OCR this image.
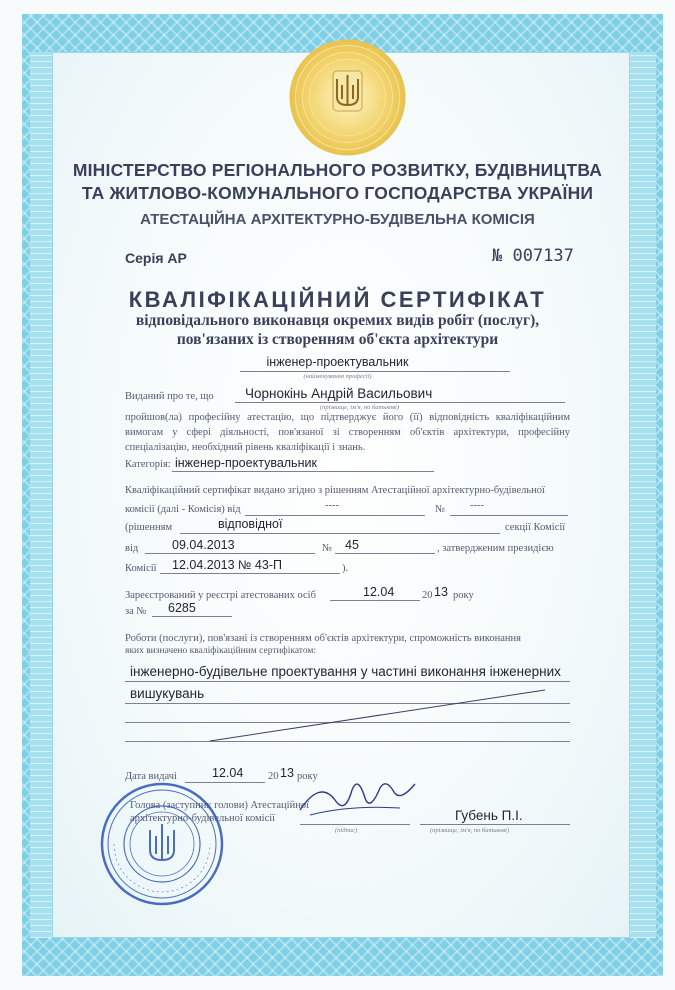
МІНІСТЕРСТВО РЕГІОНАЛЬНОГО РОЗВИТКУ, БУДІВНИЦТВА
ТА ЖИТЛОВО-КОМУНАЛЬНОГО ГОСПОДАРСТВА УКРАЇНИ
АТЕСТАЦІЙНА АРХІТЕКТУРНО-БУДІВЕЛЬНА КОМІСІЯ
Серія АР	№ 007137
КВАЛІФІКАЦІЙНИЙ СЕРТИФІКАТ
відповідального виконавця окремих видів робіт (послуг),
пов'язаних із створенням об'єкта архітектури
інженер-проектувальник
(найменування професії)
Виданий про те, що Чорнокінь Андрій Васильович
(прізвище, ім'я, по батькові)
пройшов(ла) професійну атестацію, що підтверджує його (її) відповідність кваліфікаційним вимогам у сфері діяльності, пов'язаної зі створенням об'єктів архітектури, професійну спеціалізацію, необхідний рівень кваліфікації і знань.
Категорія: інженер-проектувальник
Кваліфікаційний сертифікат видано згідно з рішенням Атестаційної архітектурно-будівельної
комісії (далі - Комісія) від	----	№ ----
(рішенням	відповідної	секції Комісії
від	09.04.2013	№ 45	, затвердженим президією
Комісії 12.04.2013 № 43-П	).
Зареєстрований у реєстрі атестованих осіб	12.04	20 13 року
за № 6285
Роботи (послуги), пов'язані із створенням об'єктів архітектури, спроможність виконання
яких визначено кваліфікаційним сертифікатом:
інженерно-будівельне проектування у частині виконання інженерних
вишукувань
Дата видачі	12.04 20 13 року
Голова (заступник голови) Атестаційної
архітектурно-будівельної комісії
(підпис)
Губень П.І.
(прізвище, ім'я, по батькові)
